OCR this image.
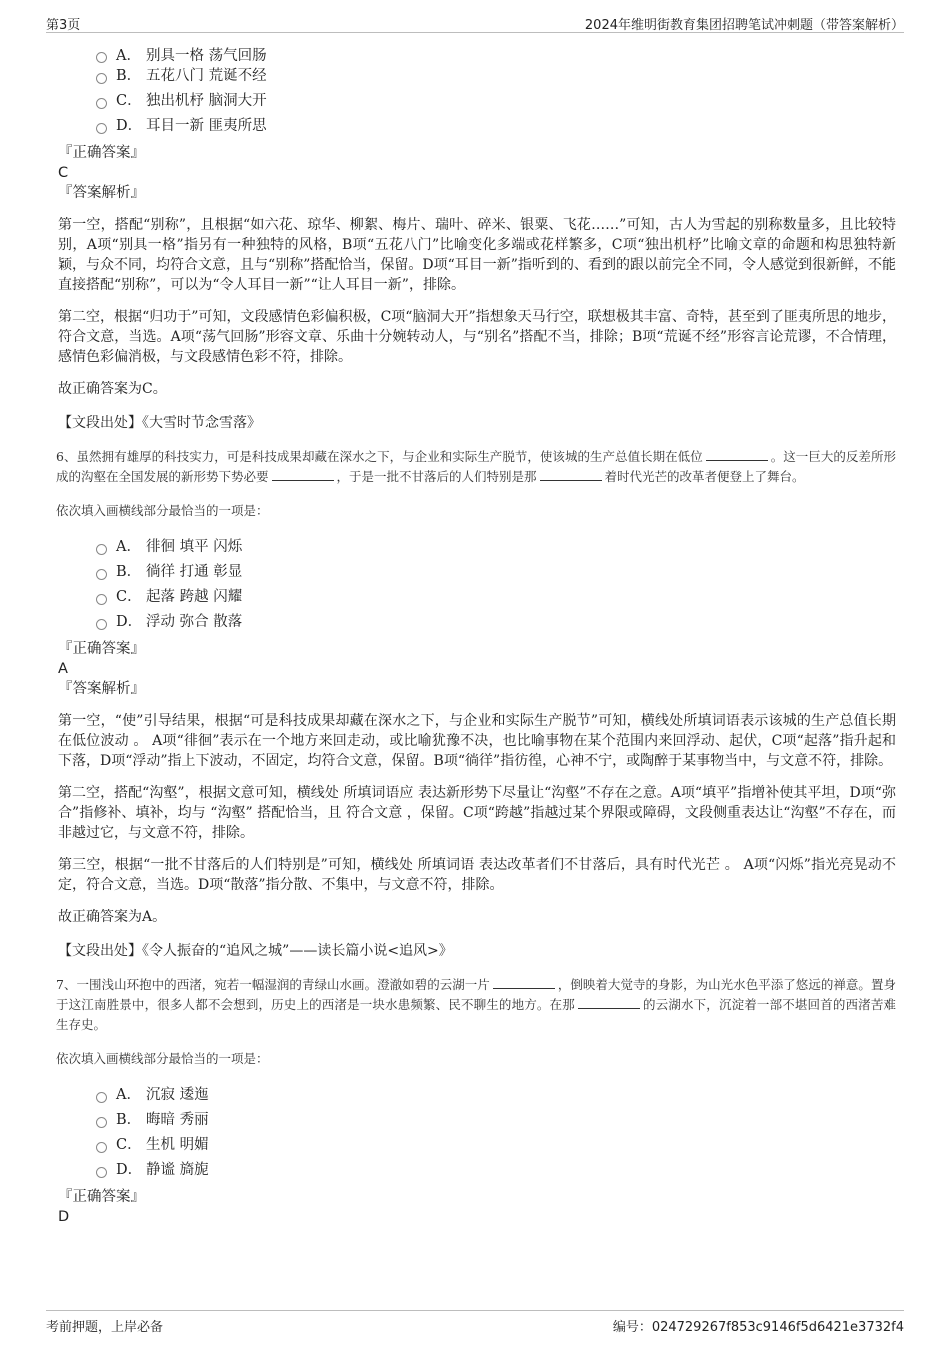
第3页	2024年维明街教育集团招聘笔试冲刺题（带答案解析）
A． 别具一格 荡气回肠
B． 五花八门 荒诞不经
C． 独出机杼 脑洞大开
D． 耳目一新 匪夷所思
『正确答案』
C
『答案解析』
第一空，搭配“别称”，且根据“如六花、琼华、柳絮、梅片、瑞叶、碎米、银粟、飞花……”可知，古人为雪起的别称数量多，且比较特别，A项“别具一格”指另有一种独特的风格，B项“五花八门”比喻变化多端或花样繁多，C项“独出机杼”比喻文章的命题和构思独特新颖，与众不同，均符合文意，且与“别称”搭配恰当，保留。D项“耳目一新”指听到的、看到的跟以前完全不同，令人感觉到很新鲜，不能直接搭配“别称”，可以为“令人耳目一新”“让人耳目一新”，排除。
第二空，根据“归功于”可知，文段感情色彩偏积极，C项“脑洞大开”指想象天马行空，联想极其丰富、奇特，甚至到了匪夷所思的地步，符合文意，当选。A项“荡气回肠”形容文章、乐曲十分婉转动人，与“别名”搭配不当，排除；B项“荒诞不经”形容言论荒谬，不合情理，感情色彩偏消极，与文段感情色彩不符，排除。
故正确答案为C。
【文段出处】《大雪时节念雪落》
6、虽然拥有雄厚的科技实力，可是科技成果却藏在深水之下，与企业和实际生产脱节，使该城的生产总值长期在低位	。这一巨大的反差所形成的沟壑在全国发展的新形势下势必要	，于是一批不甘落后的人们特别是那	着时代光芒的改革者便登上了舞台。
依次填入画横线部分最恰当的一项是：
A． 徘徊 填平 闪烁
B． 徜徉 打通 彰显
C． 起落 跨越 闪耀
D． 浮动 弥合 散落
『正确答案』
A
『答案解析』
第一空，“使”引导结果，根据“可是科技成果却藏在深水之下，与企业和实际生产脱节”可知，横线处所填词语表示该城的生产总值长期在低位波动 。 A项“徘徊”表示在一个地方来回走动，或比喻犹豫不决，也比喻事物在某个范围内来回浮动、起伏，C项“起落”指升起和下落，D项“浮动”指上下波动，不固定，均符合文意，保留。B项“徜徉”指彷徨，心神不宁，或陶醉于某事物当中，与文意不符，排除。
第二空，搭配“沟壑”，根据文意可知，横线处 所填词语应 表达新形势下尽量让“沟壑”不存在之意。A项“填平”指增补使其平坦，D项“弥合”指修补、填补，均与 “沟壑” 搭配恰当，且 符合文意 ，保留。C项“跨越”指越过某个界限或障碍，文段侧重表达让“沟壑”不存在，而非越过它，与文意不符，排除。
第三空，根据“一批不甘落后的人们特别是”可知，横线处 所填词语 表达改革者们不甘落后，具有时代光芒 。 A项“闪烁”指光亮晃动不定，符合文意，当选。D项“散落”指分散、不集中，与文意不符，排除。
故正确答案为A。
【文段出处】《令人振奋的“追风之城”——读长篇小说<追风>》
7、一围浅山环抱中的西渚，宛若一幅湿润的青绿山水画。澄澈如碧的云湖一片	，倒映着大觉寺的身影，为山光水色平添了悠远的禅意。置身于这江南胜景中，很多人都不会想到，历史上的西渚是一块水患频繁、民不聊生的地方。在那	的云湖水下，沉淀着一部不堪回首的西渚苦难生存史。
依次填入画横线部分最恰当的一项是：
A． 沉寂 逶迤
B． 晦暗 秀丽
C． 生机 明媚
D． 静谧 旖旎
『正确答案』
D
考前押题，上岸必备	编号：024729267f853c9146f5d6421e3732f4
